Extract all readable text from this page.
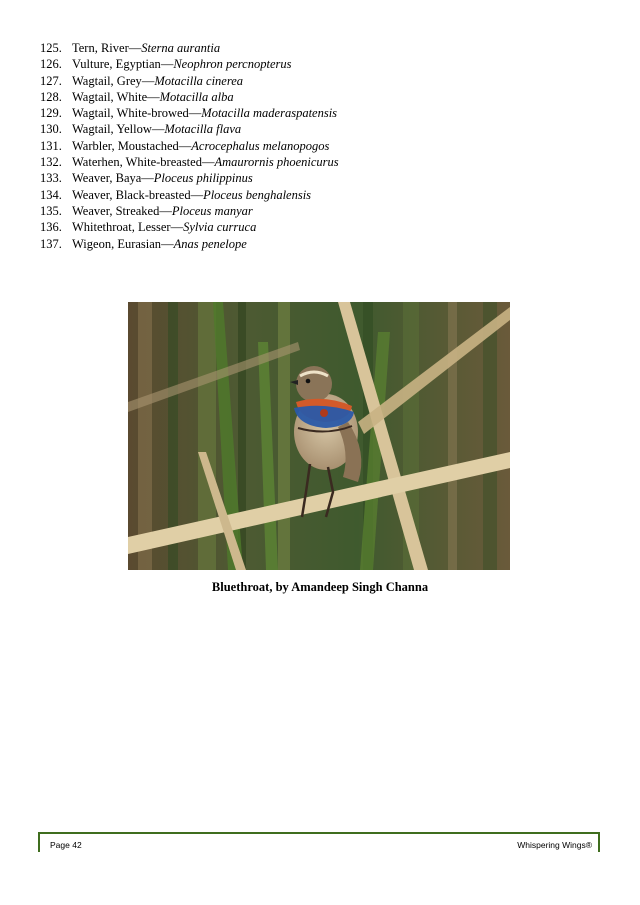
125. Tern, River—Sterna aurantia
126. Vulture, Egyptian—Neophron percnopterus
127. Wagtail, Grey—Motacilla cinerea
128. Wagtail, White—Motacilla alba
129. Wagtail, White-browed—Motacilla maderaspatensis
130. Wagtail, Yellow—Motacilla flava
131. Warbler, Moustached—Acrocephalus melanopogos
132. Waterhen, White-breasted—Amaurornis phoenicurus
133. Weaver, Baya—Ploceus philippinus
134. Weaver, Black-breasted—Ploceus benghalensis
135. Weaver, Streaked—Ploceus manyar
136. Whitethroat, Lesser—Sylvia curruca
137. Wigeon, Eurasian—Anas penelope
Bluethroat, by Amandeep Singh Channa
Page 42	Whispering Wings®
